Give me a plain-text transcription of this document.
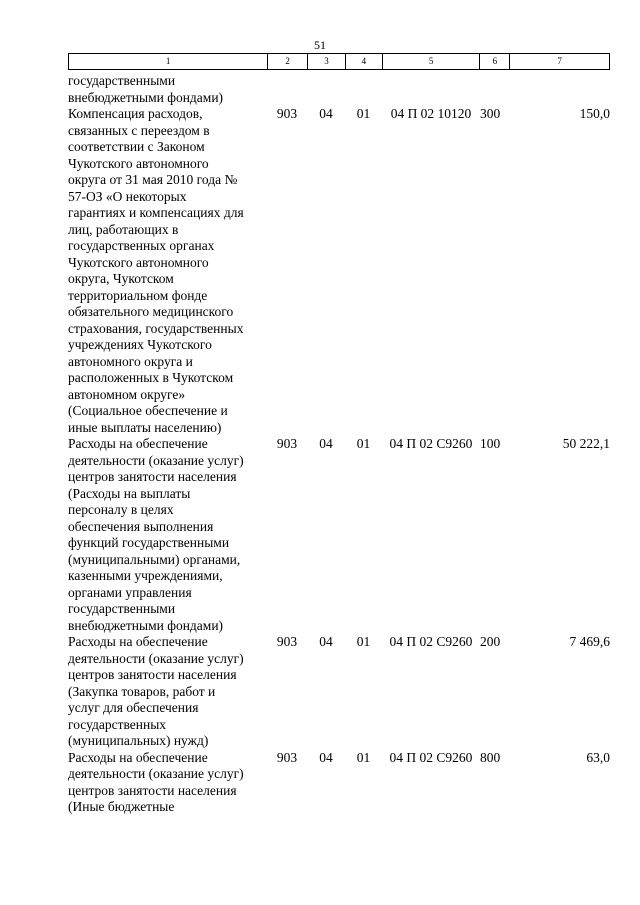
51
1	2	3	4	5	6	7
государственными
внебюджетными фондами)
Компенсация расходов,
связанных с переездом в
соответствии с Законом
Чукотского автономного
округа от 31 мая 2010 года №
57-ОЗ «О некоторых
гарантиях и компенсациях для
лиц, работающих в
государственных органах
Чукотского автономного
округа, Чукотском
территориальном фонде
обязательного медицинского
страхования, государственных
учреждениях Чукотского
автономного округа и
расположенных в Чукотском
автономном округе»
(Социальное обеспечение и
иные выплаты населению)
903	04	01	04 П 02 10120 300	150,0
Расходы на обеспечение
деятельности (оказание услуг)
центров занятости населения
(Расходы на выплаты
персоналу в целях
обеспечения выполнения
функций государственными
(муниципальными) органами,
казенными учреждениями,
органами управления
государственными
внебюджетными фондами)
903	04	01	04 П 02 С9260 100	50 222,1
Расходы на обеспечение
деятельности (оказание услуг)
центров занятости населения
(Закупка товаров, работ и
услуг для обеспечения
государственных
(муниципальных) нужд)
903	04	01	04 П 02 С9260 200	7 469,6
Расходы на обеспечение
деятельности (оказание услуг)
центров занятости населения
(Иные бюджетные
903	04	01	04 П 02 С9260 800	63,0
